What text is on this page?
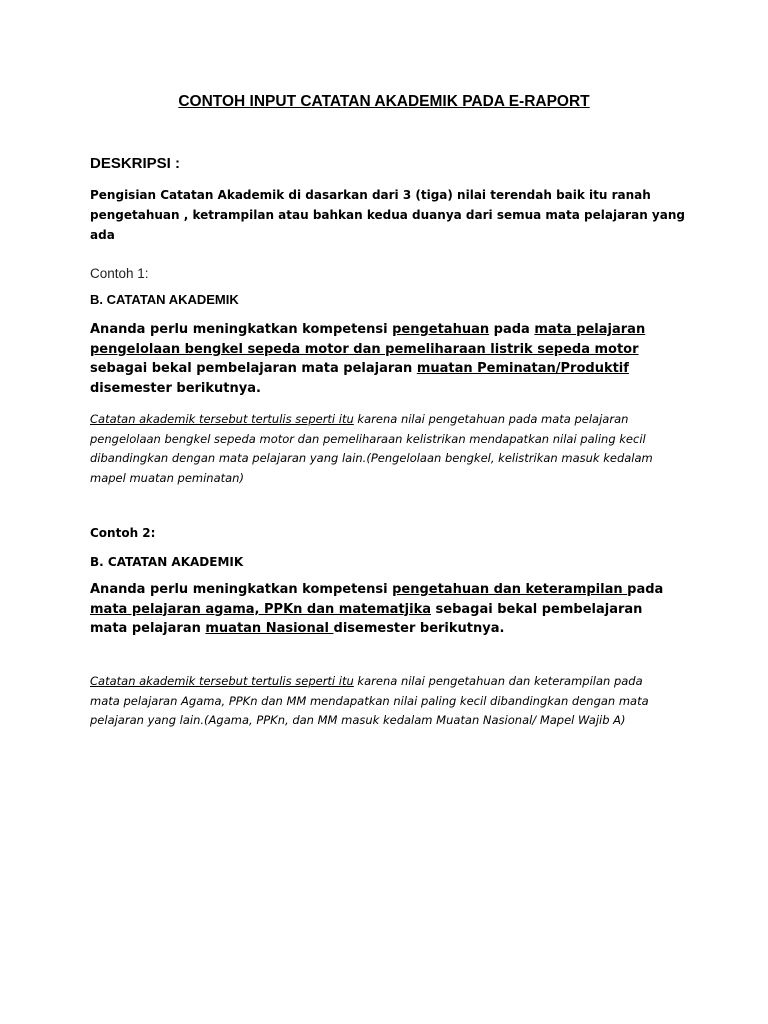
CONTOH INPUT CATATAN AKADEMIK PADA E-RAPORT

DESKRIPSI :

Pengisian Catatan Akademik di dasarkan dari 3 (tiga) nilai terendah baik itu ranah pengetahuan , ketrampilan atau bahkan kedua duanya dari semua mata pelajaran yang ada

Contoh 1:

B. CATATAN AKADEMIK

Ananda perlu meningkatkan kompetensi pengetahuan pada mata pelajaran pengelolaan bengkel sepeda motor dan pemeliharaan listrik sepeda motor sebagai bekal pembelajaran mata pelajaran muatan Peminatan/Produktif disemester berikutnya.

Catatan akademik tersebut tertulis seperti itu karena nilai pengetahuan pada mata pelajaran pengelolaan bengkel sepeda motor dan pemeliharaan kelistrikan mendapatkan nilai paling kecil dibandingkan dengan mata pelajaran yang lain.(Pengelolaan bengkel, kelistrikan masuk kedalam mapel muatan peminatan)

Contoh 2:

B. CATATAN AKADEMIK

Ananda perlu meningkatkan kompetensi pengetahuan dan keterampilan pada mata pelajaran agama, PPKn dan matematjika sebagai bekal pembelajaran mata pelajaran muatan Nasional disemester berikutnya.

Catatan akademik tersebut tertulis seperti itu karena nilai pengetahuan dan keterampilan pada mata pelajaran Agama, PPKn dan MM mendapatkan nilai paling kecil dibandingkan dengan mata pelajaran yang lain.(Agama, PPKn, dan MM masuk kedalam Muatan Nasional/ Mapel Wajib A)
